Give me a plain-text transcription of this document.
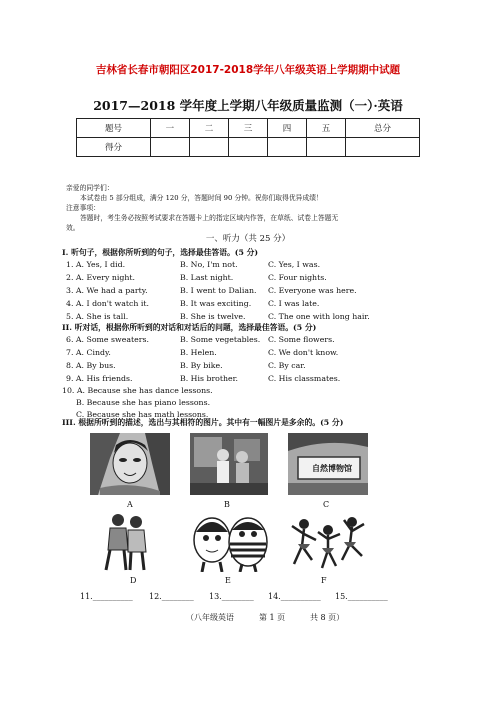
吉林省长春市朝阳区2017-2018学年八年级英语上学期期中试题
2017—2018 学年度上学期八年级质量监测（一）·英语
题号	一	二	三	四	五	总分
得分						
亲爱的同学们：
本试卷由 5 部分组成，满分 120 分，答题时间 90 分钟。祝你们取得优异成绩！
注意事项：
答题时，考生务必按照考试要求在答题卡上的指定区域内作答，在草纸、试卷上答题无
效。
一、听力（共 25 分）
I. 听句子，根据你所听到的句子，选择最佳答语。(5 分)
1. A. Yes, I did.	B. No, I'm not.	C. Yes, I was.
2. A. Every night.	B. Last night.	C. Four nights.
3. A. We had a party.	B. I went to Dalian. C. Everyone was here.
4. A. I don't watch it.	B. It was exciting. C. I was late.
5. A. She is tall.	B. She is twelve.	C. The one with long hair.
II. 听对话，根据你所听到的对话和对话后的问题，选择最佳答语。(5 分)
6. A. Some sweaters.	B. Some vegetables. C. Some flowers.
7. A. Cindy.	B. Helen.	C. We don't know.
8. A. By bus.	B. By bike.	C. By car.
9. A. His friends.	B. His brother.	C. His classmates.
10. A. Because she has dance lessons.
B. Because she has piano lessons.
C. Because she has math lessons.
III. 根据所听到的描述，选出与其相符的图片。其中有一幅图片是多余的。(5 分)
自然博物馆
A	B	C
D	E	F
11.__________ 12.________ 13.________ 14.__________ 15.__________
（八年级英语	第 1 页	共 8 页）
